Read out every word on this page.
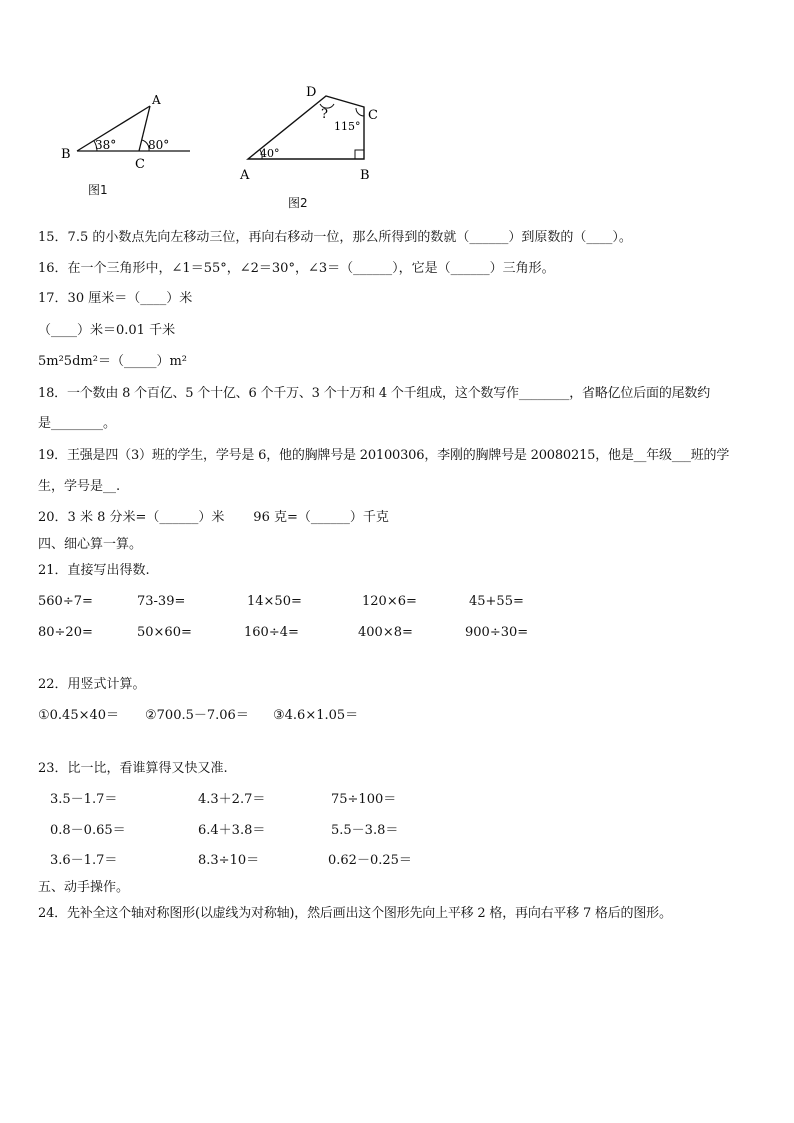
A
B
C
38°	80°
图1
D
C
A	B
?
115°
40°
图2
15．7.5 的小数点先向左移动三位，再向右移动一位，那么所得到的数就（______）到原数的（____）。
16．在一个三角形中，∠1＝55°，∠2＝30°，∠3＝（______），它是（______）三角形。
17．30 厘米＝（____）米
（____）米＝0.01 千米
5m²5dm²＝（_____）m²
18．一个数由 8 个百亿、5 个十亿、6 个千万、3 个十万和 4 个千组成，这个数写作________，省略亿位后面的尾数约
是________。
19．王强是四（3）班的学生，学号是 6，他的胸牌号是 20100306，李刚的胸牌号是 20080215，他是__年级___班的学
生，学号是__.
20．3 米 8 分米=（______）米       96 克=（______）千克
四、细心算一算。
21．直接写出得数.
560÷7=	73-39=	14×50=	120×6=	45+55=
80÷20=	50×60=	160÷4=	400×8=	900÷30=
22．用竖式计算。
①0.45×40＝ ②700.5－7.06＝ ③4.6×1.05＝
23．比一比，看谁算得又快又准.
3.5－1.7＝	4.3＋2.7＝	75÷100＝
0.8－0.65＝	6.4＋3.8＝	5.5－3.8＝
3.6－1.7＝	8.3÷10＝	0.62－0.25＝
五、动手操作。
24．先补全这个轴对称图形(以虚线为对称轴)，然后画出这个图形先向上平移 2 格，再向右平移 7 格后的图形。
